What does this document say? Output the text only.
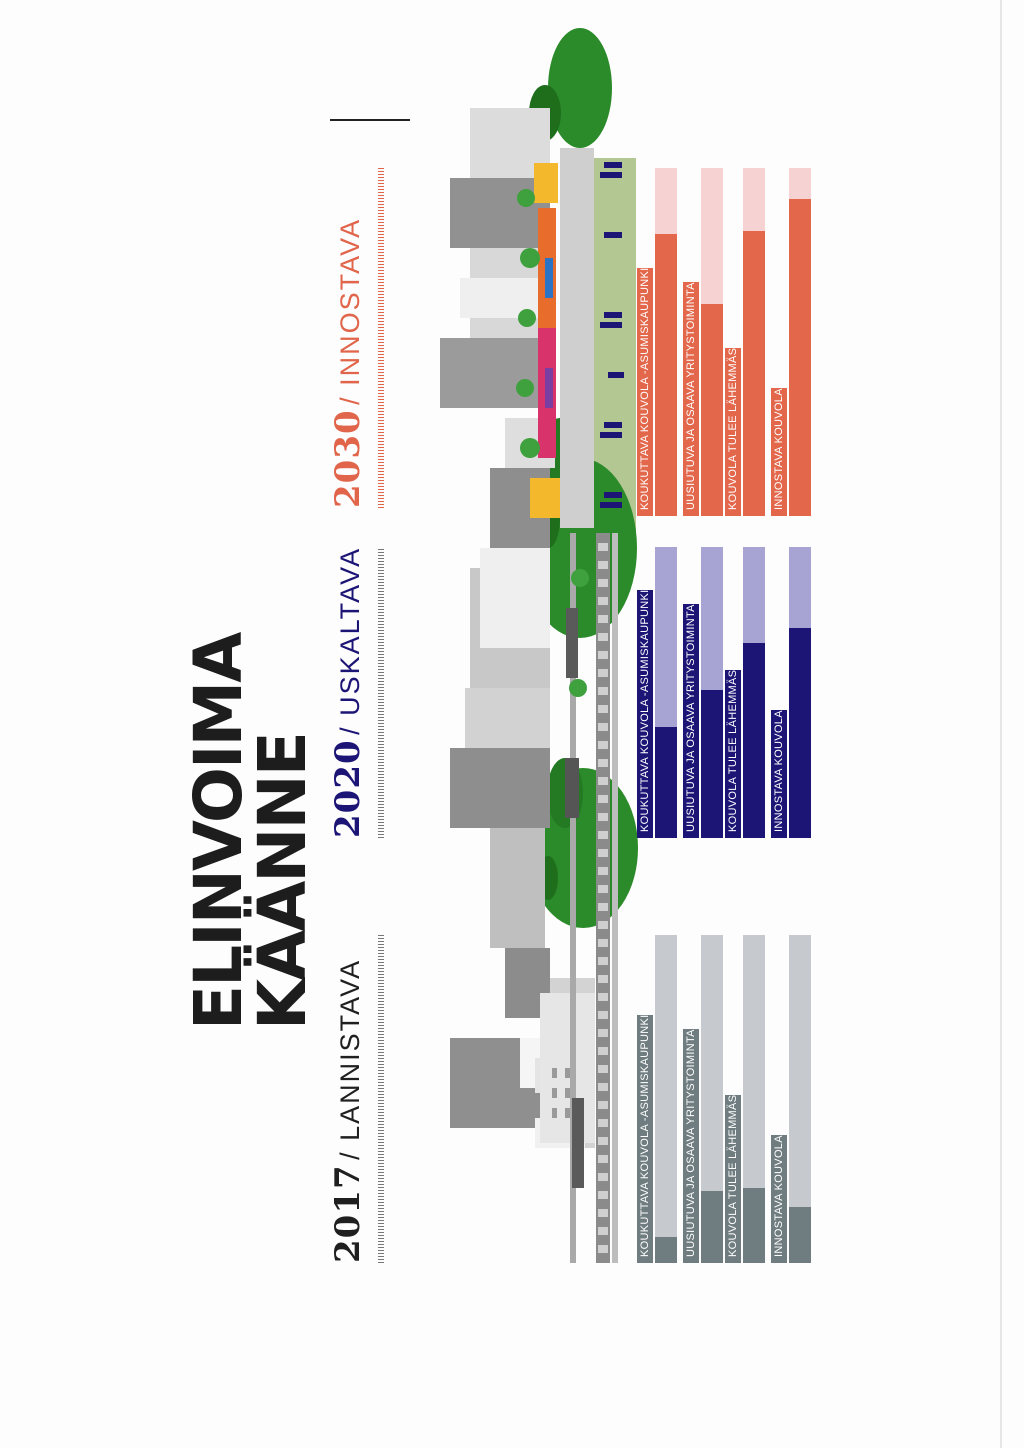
ELINVOIMA
KÄÄNNE
2017 / LANNISTAVA
2020 / USKALTAVA
2030 / INNOSTAVA
KOUKUTTAVA KOUVOLA -ASUMISKAUPUNKI	UUSIUTUVA JA OSAAVA YRITYSTOIMINTA	KOUVOLA TULEE LÄHEMMÄS	INNOSTAVA KOUVOLA
KOUKUTTAVA KOUVOLA -ASUMISKAUPUNKI	UUSIUTUVA JA OSAAVA YRITYSTOIMINTA	KOUVOLA TULEE LÄHEMMÄS	INNOSTAVA KOUVOLA
KOUKUTTAVA KOUVOLA -ASUMISKAUPUNKI	UUSIUTUVA JA OSAAVA YRITYSTOIMINTA	KOUVOLA TULEE LÄHEMMÄS	INNOSTAVA KOUVOLA
